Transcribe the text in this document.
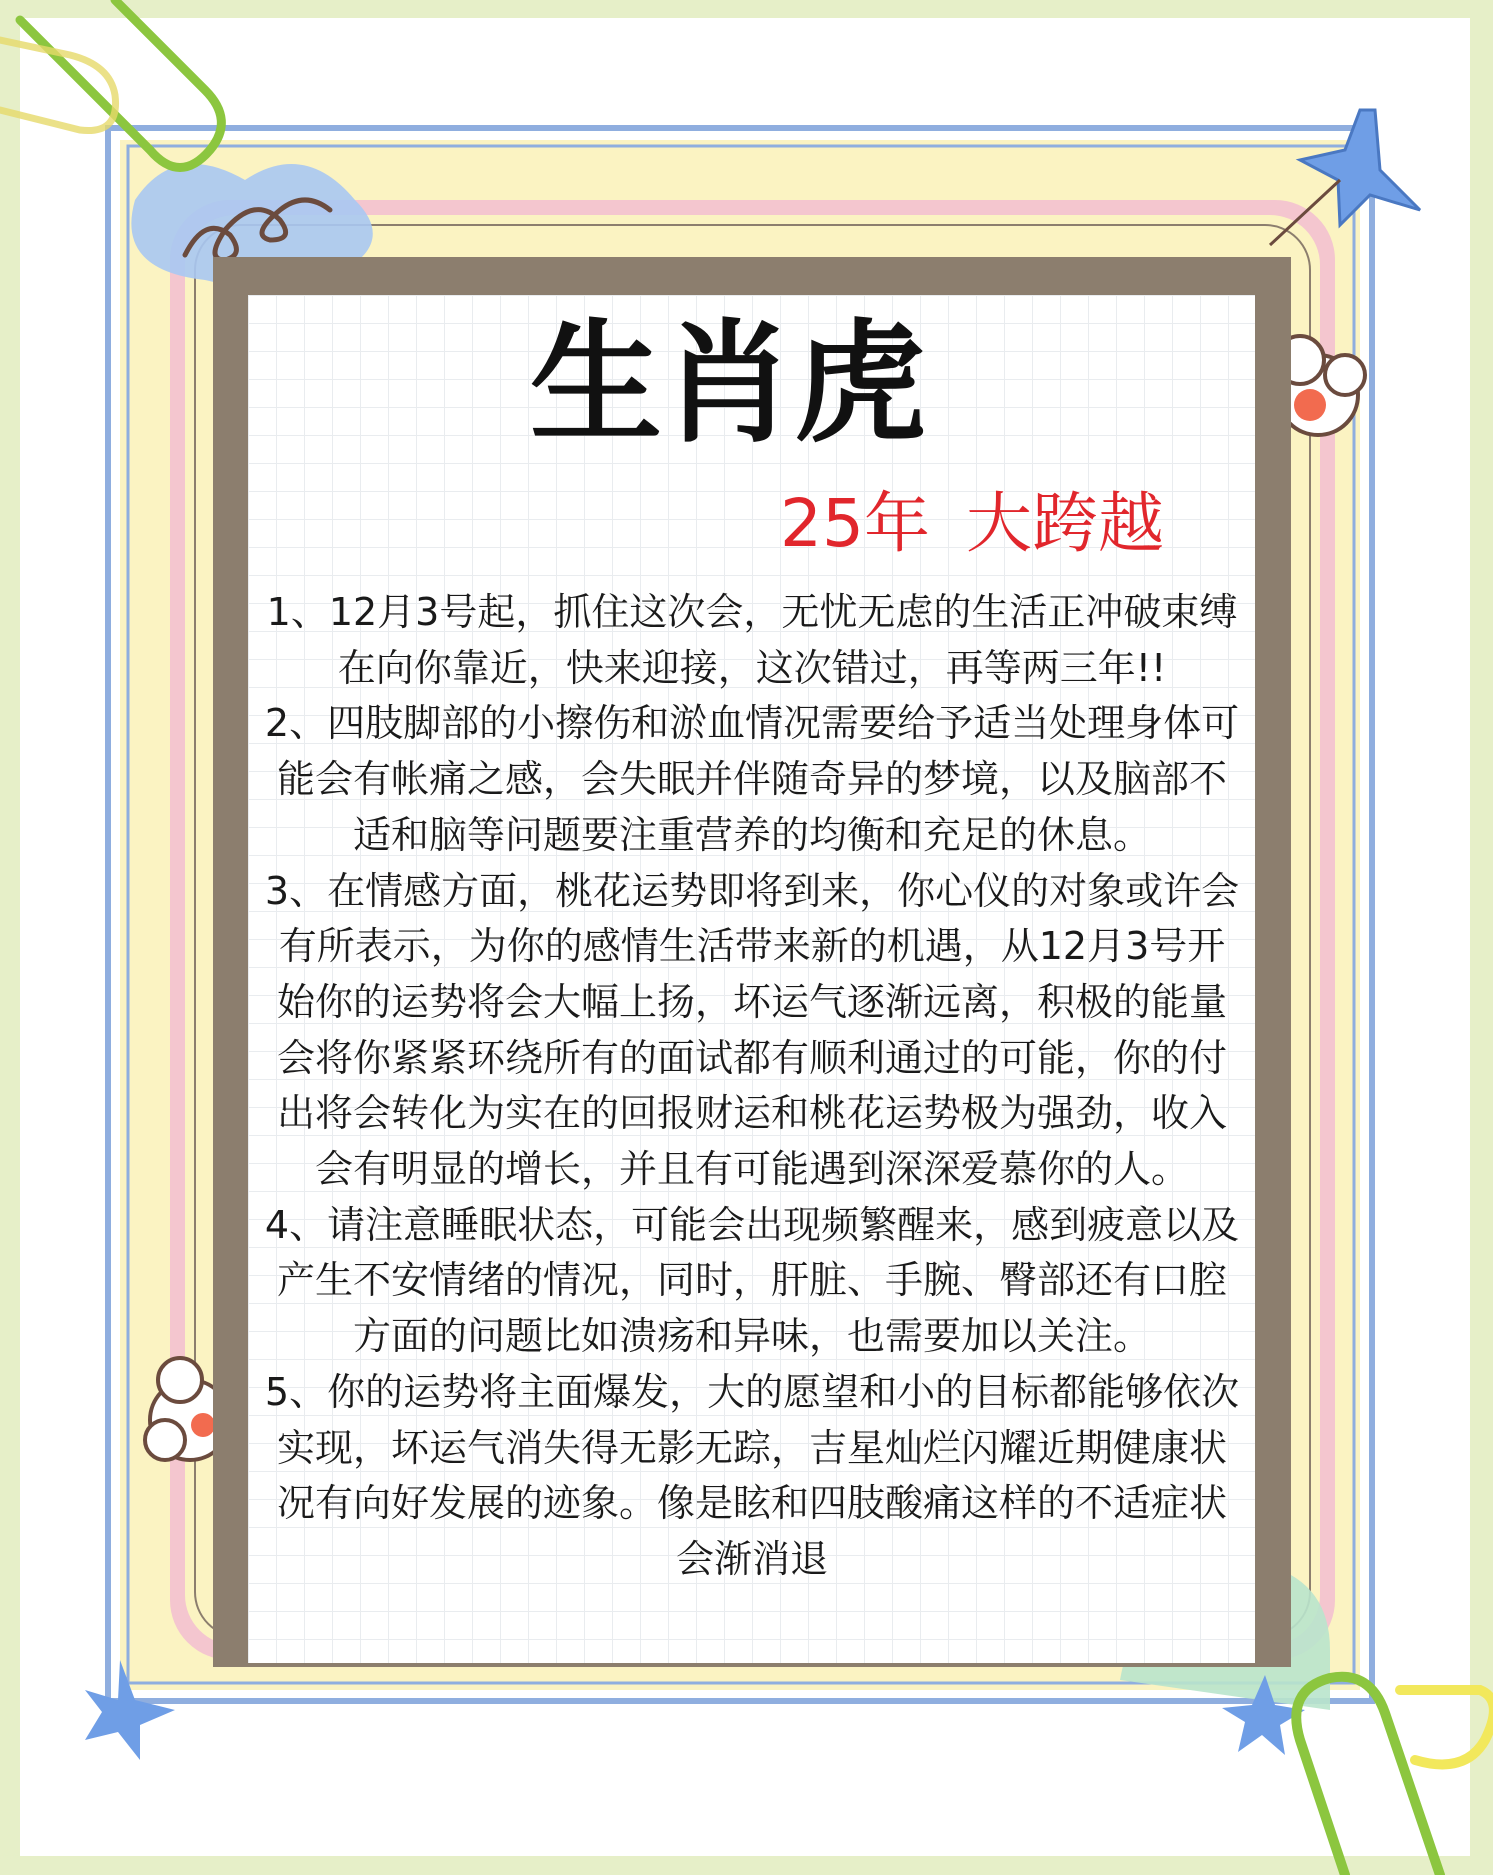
生肖虎
25年 大跨越

1、12月3号起，抓住这次会，无忧无虑的生活正冲破束缚在向你靠近，快来迎接，这次错过，再等两三年!!

2、四肢脚部的小擦伤和淤血情况需要给予适当处理身体可能会有帐痛之感，会失眠并伴随奇异的梦境，以及脑部不适和脑等问题要注重营养的均衡和充足的休息。

3、在情感方面，桃花运势即将到来，你心仪的对象或许会有所表示，为你的感情生活带来新的机遇，从12月3号开始你的运势将会大幅上扬，坏运气逐渐远离，积极的能量会将你紧紧环绕所有的面试都有顺利通过的可能，你的付出将会转化为实在的回报财运和桃花运势极为强劲，收入会有明显的增长，并且有可能遇到深深爱慕你的人。

4、请注意睡眠状态，可能会出现频繁醒来，感到疲意以及产生不安情绪的情况，同时，肝脏、手腕、臀部还有口腔方面的问题比如溃疡和异味，也需要加以关注。

5、你的运势将主面爆发，大的愿望和小的目标都能够依次实现，坏运气消失得无影无踪，吉星灿烂闪耀近期健康状况有向好发展的迹象。像是眩和四肢酸痛这样的不适症状会渐消退
